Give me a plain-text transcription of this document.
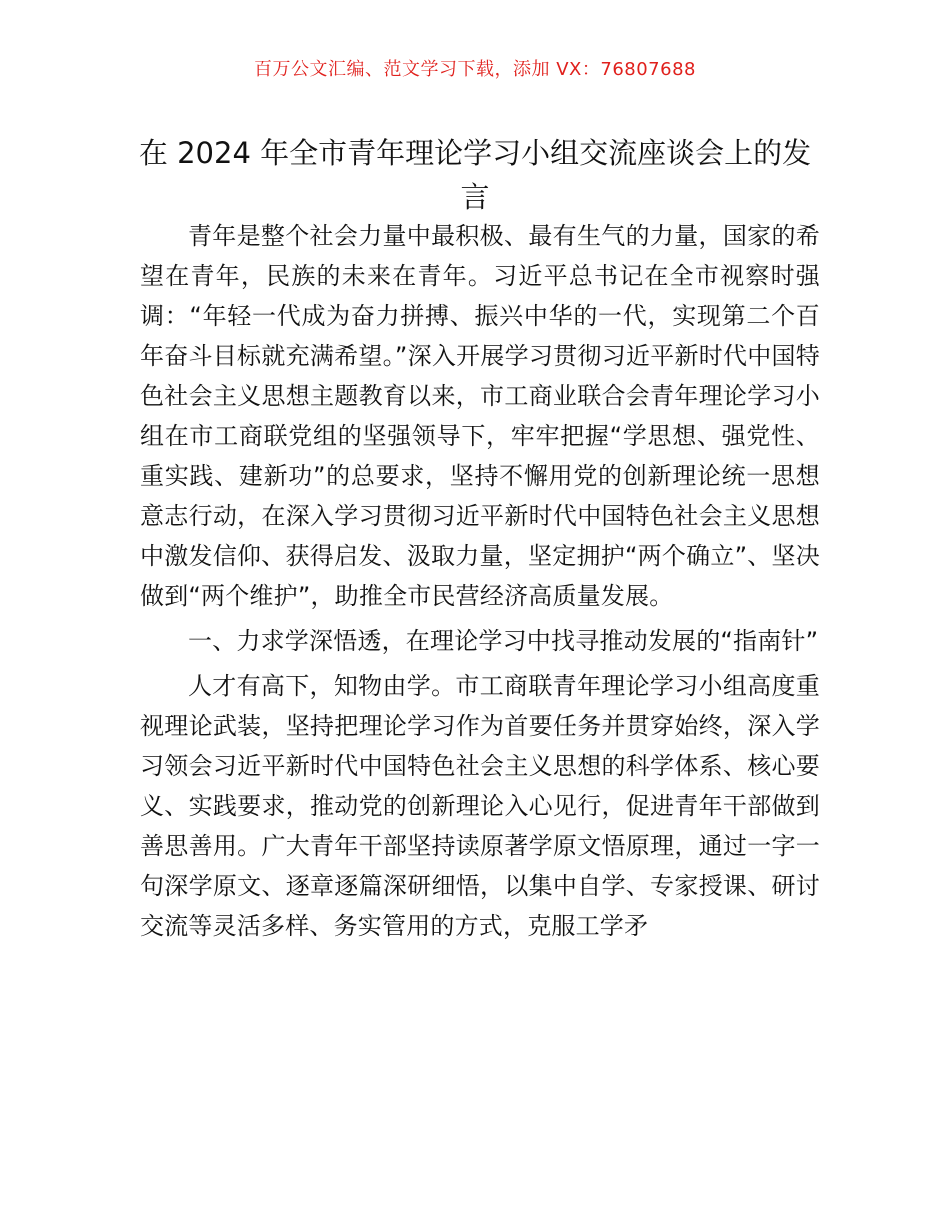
百万公文汇编、范文学习下载，添加 VX：76807688
在 2024 年全市青年理论学习小组交流座谈会上的发言

青年是整个社会力量中最积极、最有生气的力量，国家的希望在青年，民族的未来在青年。习近平总书记在全市视察时强调：“年轻一代成为奋力拼搏、振兴中华的一代，实现第二个百年奋斗目标就充满希望。”深入开展学习贯彻习近平新时代中国特色社会主义思想主题教育以来，市工商业联合会青年理论学习小组在市工商联党组的坚强领导下，牢牢把握“学思想、强党性、重实践、建新功”的总要求，坚持不懈用党的创新理论统一思想意志行动，在深入学习贯彻习近平新时代中国特色社会主义思想中激发信仰、获得启发、汲取力量，坚定拥护“两个确立”、坚决做到“两个维护”，助推全市民营经济高质量发展。

一、力求学深悟透，在理论学习中找寻推动发展的“指南针”

人才有高下，知物由学。市工商联青年理论学习小组高度重视理论武装，坚持把理论学习作为首要任务并贯穿始终，深入学习领会习近平新时代中国特色社会主义思想的科学体系、核心要义、实践要求，推动党的创新理论入心见行，促进青年干部做到善思善用。广大青年干部坚持读原著学原文悟原理，通过一字一句深学原文、逐章逐篇深研细悟，以集中自学、专家授课、研讨交流等灵活多样、务实管用的方式，克服工学矛
